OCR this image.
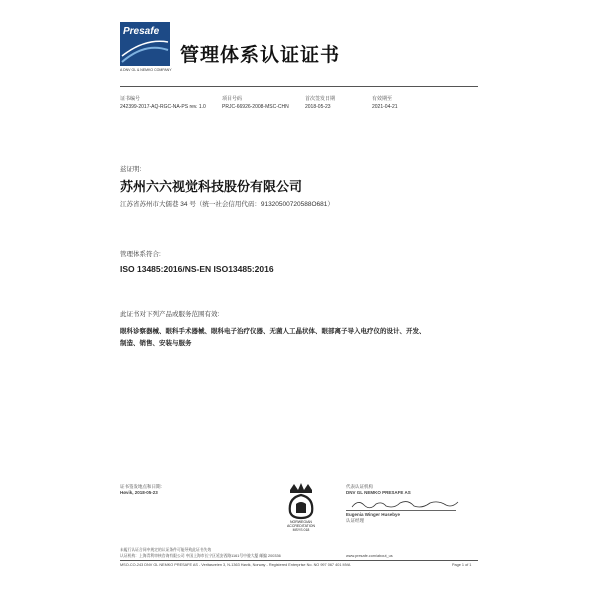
Presafe
A DNV GL & NEMKO COMPANY
管理体系认证证书
证书编号
242399-2017-AQ-RGC-NA-PS rev. 1.0
项目号码
PRJC-66926-2008-MSC-CHN
首次签发日期
2018-05-23
有效期至
2021-04-21
兹证明:
苏州六六视觉科技股份有限公司
江苏省苏州市大儒巷 34 号（统一社会信用代码：91320500720588O681）
管理体系符合:
ISO 13485:2016/NS-EN ISO13485:2016
此证书对下列产品或服务范围有效:
眼科诊察器械、眼科手术器械、眼科电子治疗仪器、无菌人工晶状体、眼部离子导入电疗仪的设计、开发、
制造、销售、安装与服务
证书签发地点和日期:
Høvik, 2018-05-23
NORWEGIAN
ACCREDITATION
MSYS 018
代表认证机构
DNV GL NEMKO PRESAFE AS
Eugenia Winger Husebye
认证经理
未履行认证合同中规定的认证条件可能导致此证书失效
认证机构：上海青利审核咨询有限公司 中国上海市长宁区延安西路1161号中骏大厦 邮编 200336	www.presafe.com/about_us
MSO-CO-243 DNV GL NEMKO PRESAFE AS - Veritasveien 3, N-1363 Høvik, Norway - Registered Enterprise No. NO 997 067 401 MVA	Page 1 of 1
